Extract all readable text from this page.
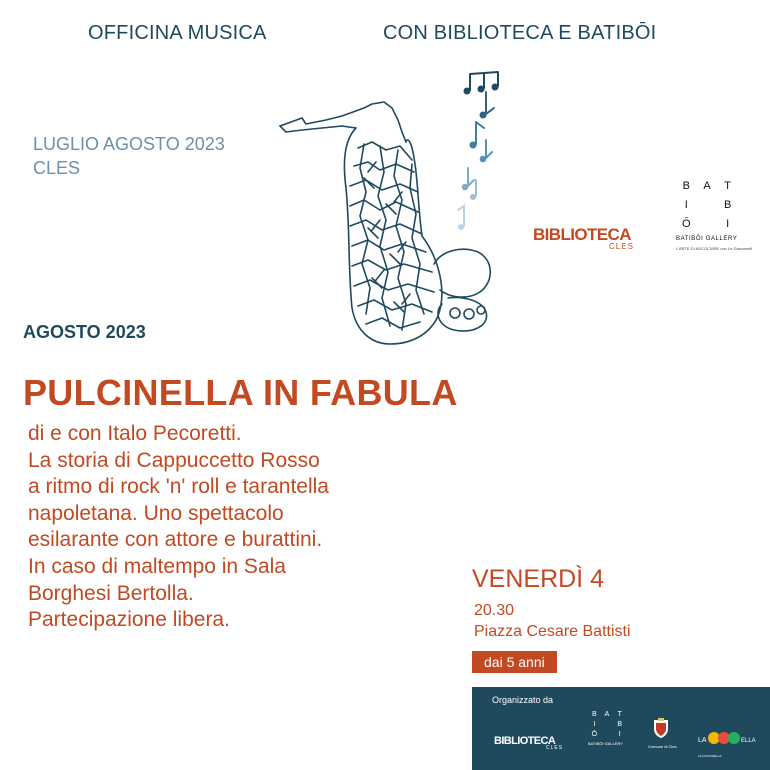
OFFICINA MUSICA	CON BIBLIOTECA E BATIBŌI
LUGLIO AGOSTO 2023
CLES
BIBLIOTECA
CLES
B	A	T
I
	B
Ō
	I
BATIBŌI GALLERY
L'ARTE DI ASCOLTARE con Le Giacomelli
AGOSTO 2023
PULCINELLA IN FABULA
di e con Italo Pecoretti.
La storia di Cappuccetto Rosso
a ritmo di rock 'n' roll e tarantella
napoletana. Uno spettacolo
esilarante con attore e burattini.
In caso di maltempo in Sala
Borghesi Bertolla.
Partecipazione libera.
VENERDÌ 4
20.30
Piazza Cesare Battisti
dai 5 anni
Organizzato da
BIBLIOTECA
CLES
B	A	T
I
	B
Ō
	I
BATIBŌI GALLERY
Comune di Cles
LA	ELLA
LA COCCINELLA
